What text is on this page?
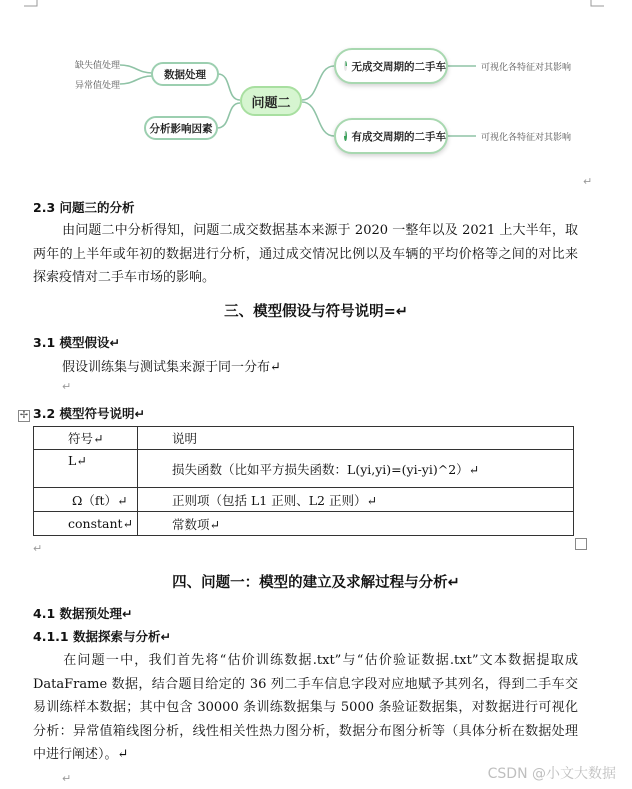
缺失值处理
异常值处理
数据处理
分析影响因素
问题二
无成交周期的二手车
有成交周期的二手车
可视化各特征对其影响
可视化各特征对其影响
↵
2.3 问题三的分析
由问题二中分析得知，问题二成交数据基本来源于 2020 一整年以及 2021 上大半年，取两年的上半年或年初的数据进行分析，通过成交情况比例以及车辆的平均价格等之间的对比来探索疫情对二手车市场的影响。
三、模型假设与符号说明=↵
3.1 模型假设↵
假设训练集与测试集来源于同一分布↵
↵
✢ 3.2 模型符号说明↵
符号↵	说明
L↵	损失函数（比如平方损失函数：L(yi,yi)=(yi-yi)^2）↵
Ω（ft）↵	正则项（包括 L1 正则、L2 正则）↵
constant↵	常数项↵
↵
四、问题一：模型的建立及求解过程与分析↵
4.1 数据预处理↵
4.1.1 数据探索与分析↵
在问题一中，我们首先将“估价训练数据.txt”与“估价验证数据.txt”文本数据提取成 DataFrame 数据，结合题目给定的 36 列二手车信息字段对应地赋予其列名，得到二手车交易训练样本数据；其中包含 30000 条训练数据集与 5000 条验证数据集，对数据进行可视化分析：异常值箱线图分析，线性相关性热力图分析，数据分布图分析等（具体分析在数据处理中进行阐述）。↵
↵	CSDN @小文大数据
